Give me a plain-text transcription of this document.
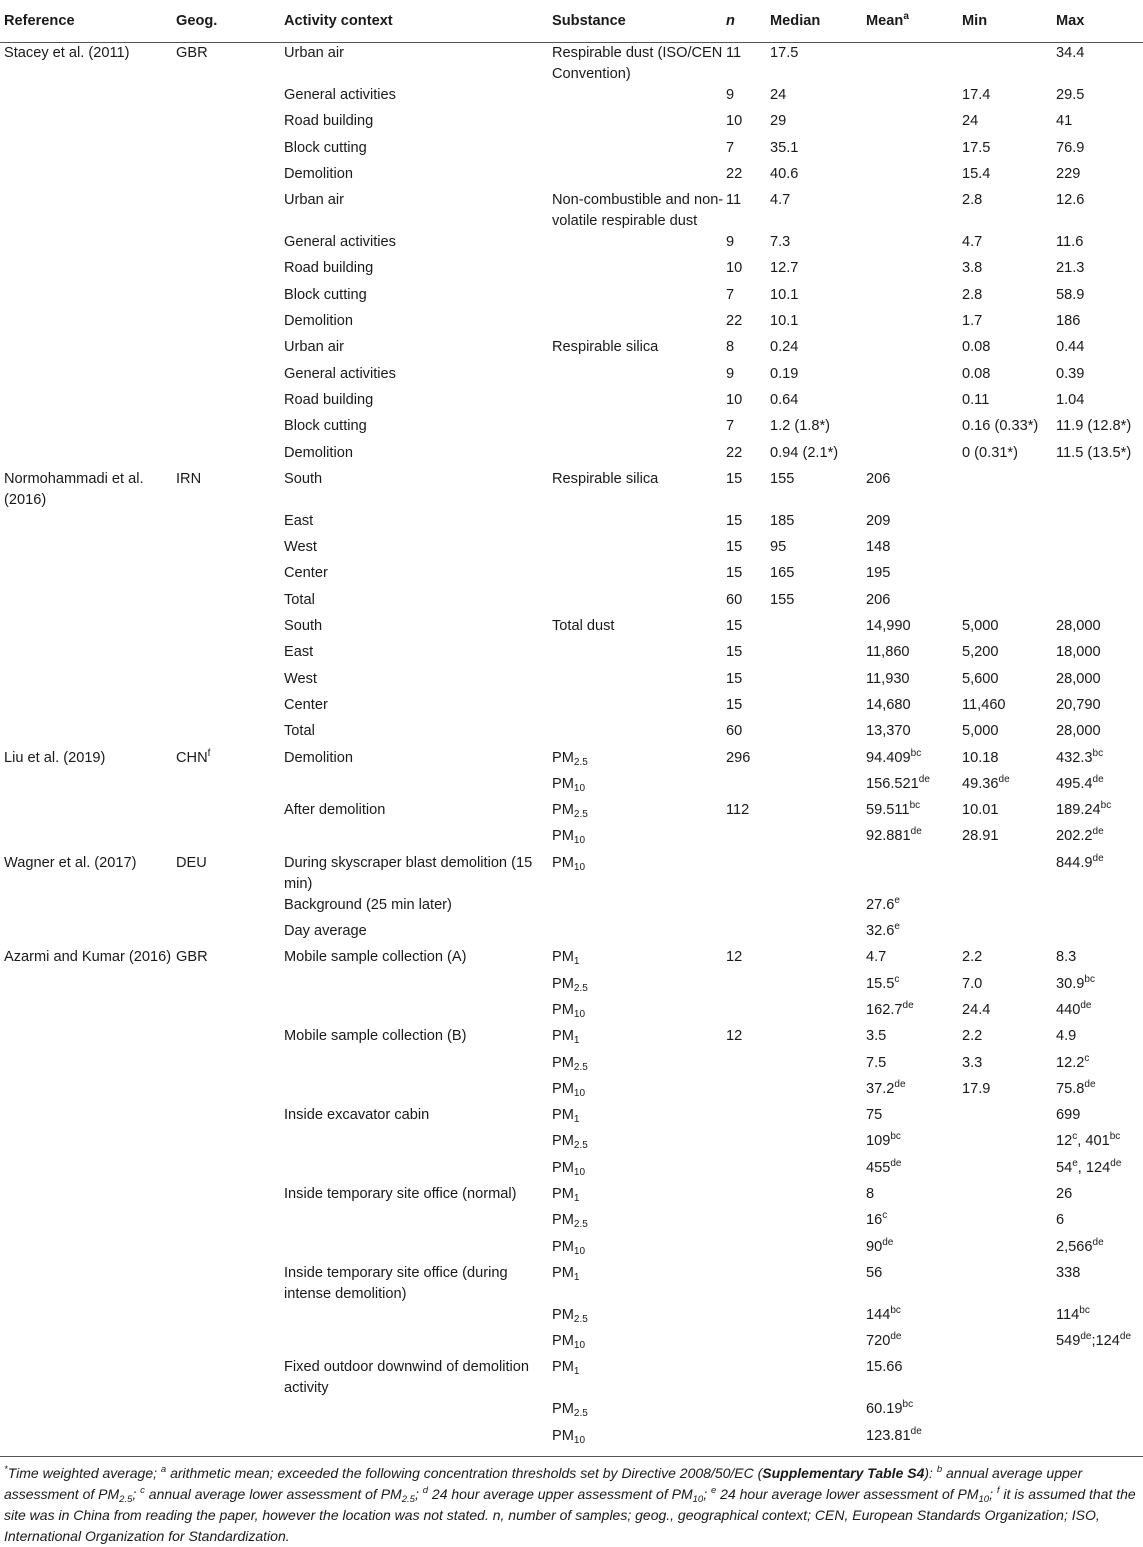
Reference	Geog.	Activity context	Substance	n	Median	Mean$^a$	Min	Max
Stacey et al. (2011)	GBR	Urban air	Respirable dust (ISO/CEN Convention)	11	17.5			34.4
		General activities		9	24		17.4	29.5
		Road building		10	29		24	41
		Block cutting		7	35.1		17.5	76.9
		Demolition		22	40.6		15.4	229
		Urban air	Non-combustible and non-volatile respirable dust	11	4.7		2.8	12.6
		General activities		9	7.3		4.7	11.6
		Road building		10	12.7		3.8	21.3
		Block cutting		7	10.1		2.8	58.9
		Demolition		22	10.1		1.7	186
		Urban air	Respirable silica	8	0.24		0.08	0.44
		General activities		9	0.19		0.08	0.39
		Road building		10	0.64		0.11	1.04
		Block cutting		7	1.2 (1.8*)		0.16 (0.33*)	11.9 (12.8*)
		Demolition		22	0.94 (2.1*)		0 (0.31*)	11.5 (13.5*)
Normohammadi et al. (2016)	IRN	South	Respirable silica	15	155	206		
		East		15	185	209		
		West		15	95	148		
		Center		15	165	195		
		Total		60	155	206		
		South	Total dust	15		14,990	5,000	28,000
		East		15		11,860	5,200	18,000
		West		15		11,930	5,600	28,000
		Center		15		14,680	11,460	20,790
		Total		60		13,370	5,000	28,000
Liu et al. (2019)	CHN$^f$	Demolition	$PM_{2.5}$	296		94.409$^{bc}$	10.18	432.3$^{bc}$
			$PM_{10}$			156.521de	49.36de	495.4de
		After demolition	$PM_{2.5}$	112		59.511$^{bc}$	10.01	189.24$^{bc}$
			$PM_{10}$			92.881de	28.91	202.2de
Wagner et al. (2017)	DEU	During skyscraper blast demolition (15 min)	$PM_{10}$					844.9de
		Background (25 min later)				27.6e		
		Day average				32.6e		
Azarmi and Kumar (2016)	GBR	Mobile sample collection (A)	$PM_1$	12		4.7	2.2	8.3
			$PM_{2.5}$			15.5$^c$	7.0	30.9$^{bc}$
			$PM_{10}$			162.7de	24.4	440de
		Mobile sample collection (B)	$PM_1$	12		3.5	2.2	4.9
			$PM_{2.5}$			7.5	3.3	12.2$^c$
			$PM_{10}$			37.2de	17.9	75.8de
		Inside excavator cabin	$PM_1$			75		699
			$PM_{2.5}$			$109^{bc}$		12$^c$, $401^{bc}$
			$PM_{10}$			455de		54e, 124de
		Inside temporary site office (normal)	$PM_1$			8		26
			$PM_{2.5}$			16$^c$		6
			$PM_{10}$			90de		2,566de
		Inside temporary site office (during intense demolition)	$PM_1$			56		338
			$PM_{2.5}$			$144^{bc}$		$114^{bc}$
			$PM_{10}$			720de		549de;124de
		Fixed outdoor downwind of demolition activity	$PM_1$			15.66		
			$PM_{2.5}$			60.19$^{bc}$		
			$PM_{10}$			123.81de		
*Time weighted average; $^a$ arithmetic mean; exceeded the following concentration thresholds set by Directive 2008/50/EC (Supplementary Table S4): $^b$ annual average upper assessment of $PM_{2.5}$; $^c$ annual average lower assessment of $PM_{2.5}$; $^d$ 24 hour average upper assessment of $PM_{10}$; $^e$ 24 hour average lower assessment of $PM_{10}$; $^f$ it is assumed that the site was in China from reading the paper, however the location was not stated. n, number of samples; geog., geographical context; CEN, European Standards Organization; ISO, International Organization for Standardization.
